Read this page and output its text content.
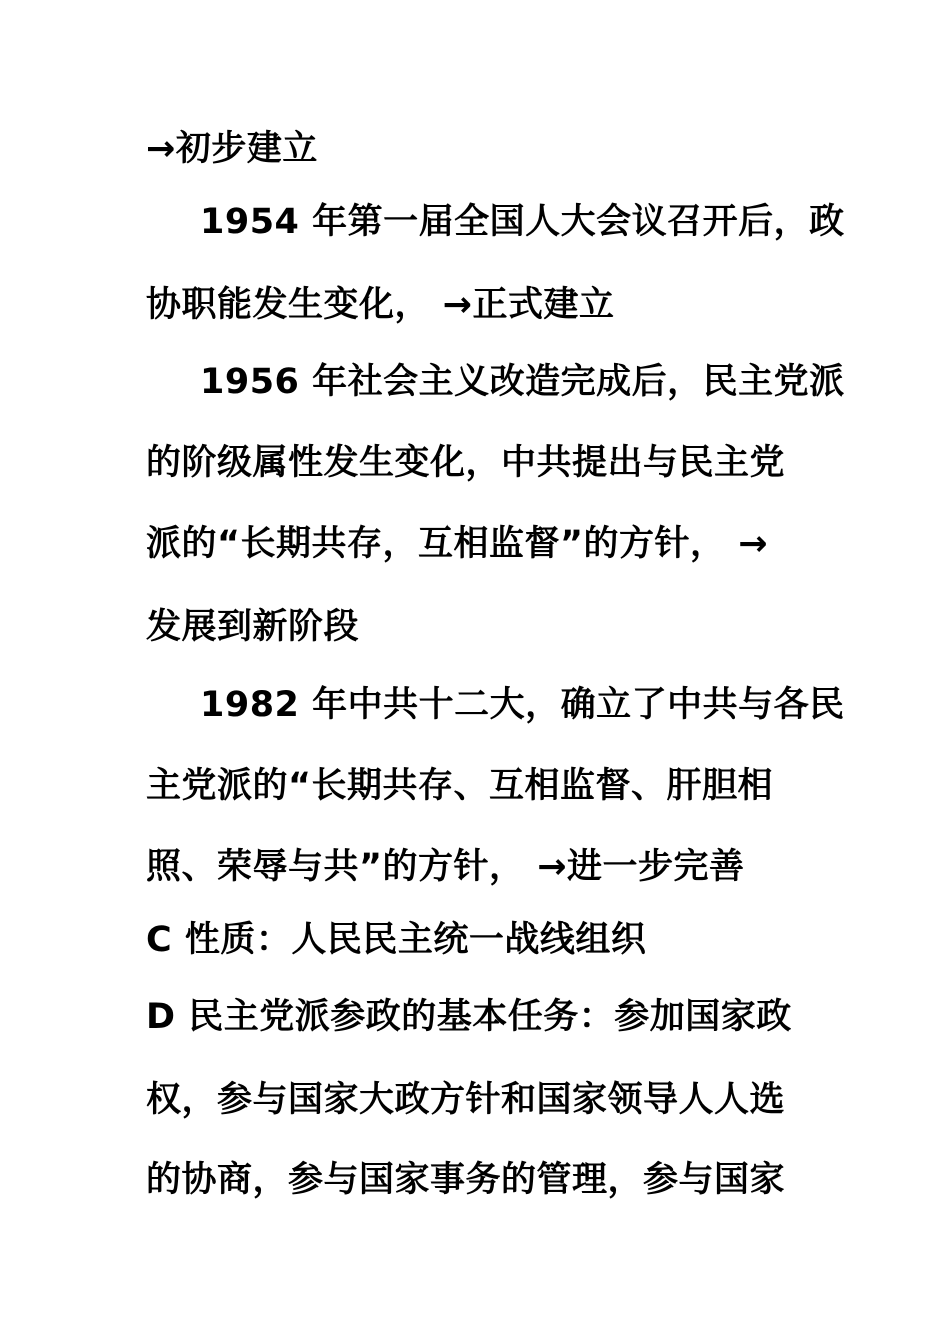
→初步建立
1954 年第一届全国人大会议召开后，政
协职能发生变化， →正式建立
1956 年社会主义改造完成后，民主党派
的阶级属性发生变化，中共提出与民主党
派的“长期共存，互相监督”的方针， →
发展到新阶段
1982 年中共十二大，确立了中共与各民
主党派的“长期共存、互相监督、肝胆相
照、荣辱与共”的方针， →进一步完善
C 性质：人民民主统一战线组织
D 民主党派参政的基本任务：参加国家政
权，参与国家大政方针和国家领导人人选
的协商，参与国家事务的管理，参与国家
